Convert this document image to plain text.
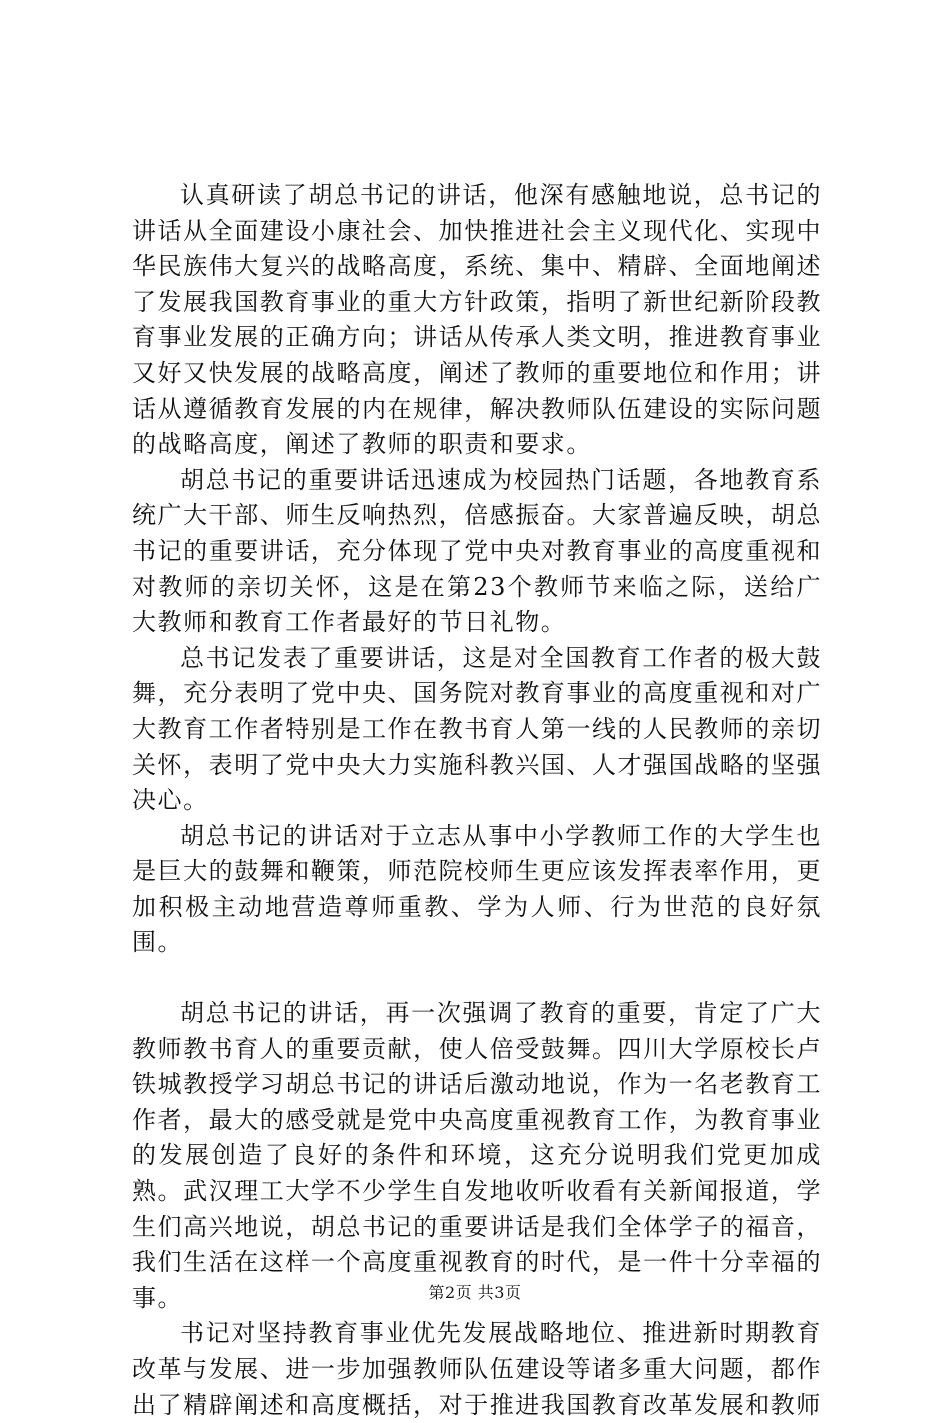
认真研读了胡总书记的讲话，他深有感触地说，总书记的讲话从全面建设小康社会、加快推进社会主义现代化、实现中华民族伟大复兴的战略高度，系统、集中、精辟、全面地阐述了发展我国教育事业的重大方针政策，指明了新世纪新阶段教育事业发展的正确方向；讲话从传承人类文明，推进教育事业又好又快发展的战略高度，阐述了教师的重要地位和作用；讲话从遵循教育发展的内在规律，解决教师队伍建设的实际问题的战略高度，阐述了教师的职责和要求。

胡总书记的重要讲话迅速成为校园热门话题，各地教育系统广大干部、师生反响热烈，倍感振奋。大家普遍反映，胡总书记的重要讲话，充分体现了党中央对教育事业的高度重视和对教师的亲切关怀，这是在第23个教师节来临之际，送给广大教师和教育工作者最好的节日礼物。

总书记发表了重要讲话，这是对全国教育工作者的极大鼓舞，充分表明了党中央、国务院对教育事业的高度重视和对广大教育工作者特别是工作在教书育人第一线的人民教师的亲切关怀，表明了党中央大力实施科教兴国、人才强国战略的坚强决心。

胡总书记的讲话对于立志从事中小学教师工作的大学生也是巨大的鼓舞和鞭策，师范院校师生更应该发挥表率作用，更加积极主动地营造尊师重教、学为人师、行为世范的良好氛围。

胡总书记的讲话，再一次强调了教育的重要，肯定了广大教师教书育人的重要贡献，使人倍受鼓舞。四川大学原校长卢铁城教授学习胡总书记的讲话后激动地说，作为一名老教育工作者，最大的感受就是党中央高度重视教育工作，为教育事业的发展创造了良好的条件和环境，这充分说明我们党更加成熟。武汉理工大学不少学生自发地收听收看有关新闻报道，学生们高兴地说，胡总书记的重要讲话是我们全体学子的福音，我们生活在这样一个高度重视教育的时代，是一件十分幸福的事。

书记对坚持教育事业优先发展战略地位、推进新时期教育改革与发展、进一步加强教师队伍建设等诸多重大问题，都作出了精辟阐述和高度概括，对于推进我国教育改革发展和教师

第2页 共3页
